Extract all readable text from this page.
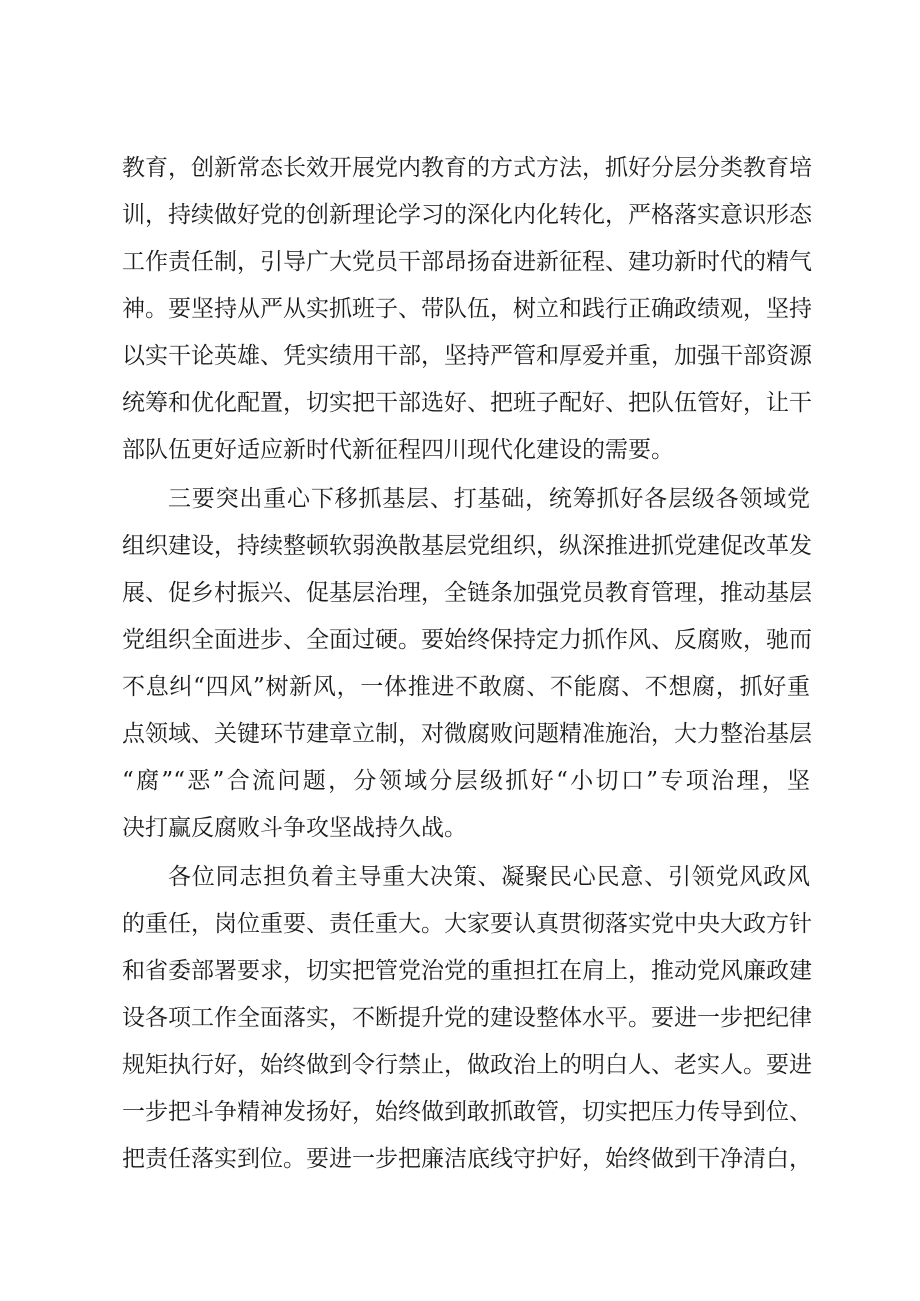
教育，创新常态长效开展党内教育的方式方法，抓好分层分类教育培
训，持续做好党的创新理论学习的深化内化转化，严格落实意识形态
工作责任制，引导广大党员干部昂扬奋进新征程、建功新时代的精气
神。要坚持从严从实抓班子、带队伍，树立和践行正确政绩观，坚持
以实干论英雄、凭实绩用干部，坚持严管和厚爱并重，加强干部资源
统筹和优化配置，切实把干部选好、把班子配好、把队伍管好，让干
部队伍更好适应新时代新征程四川现代化建设的需要。
三要突出重心下移抓基层、打基础，统筹抓好各层级各领域党
组织建设，持续整顿软弱涣散基层党组织，纵深推进抓党建促改革发
展、促乡村振兴、促基层治理，全链条加强党员教育管理，推动基层
党组织全面进步、全面过硬。要始终保持定力抓作风、反腐败，驰而
不息纠“四风”树新风，一体推进不敢腐、不能腐、不想腐，抓好重
点领域、关键环节建章立制，对微腐败问题精准施治，大力整治基层
“腐”“恶”合流问题，分领域分层级抓好“小切口”专项治理，坚
决打赢反腐败斗争攻坚战持久战。
各位同志担负着主导重大决策、凝聚民心民意、引领党风政风
的重任，岗位重要、责任重大。大家要认真贯彻落实党中央大政方针
和省委部署要求，切实把管党治党的重担扛在肩上，推动党风廉政建
设各项工作全面落实，不断提升党的建设整体水平。要进一步把纪律
规矩执行好，始终做到令行禁止，做政治上的明白人、老实人。要进
一步把斗争精神发扬好，始终做到敢抓敢管，切实把压力传导到位、
把责任落实到位。要进一步把廉洁底线守护好，始终做到干净清白，
